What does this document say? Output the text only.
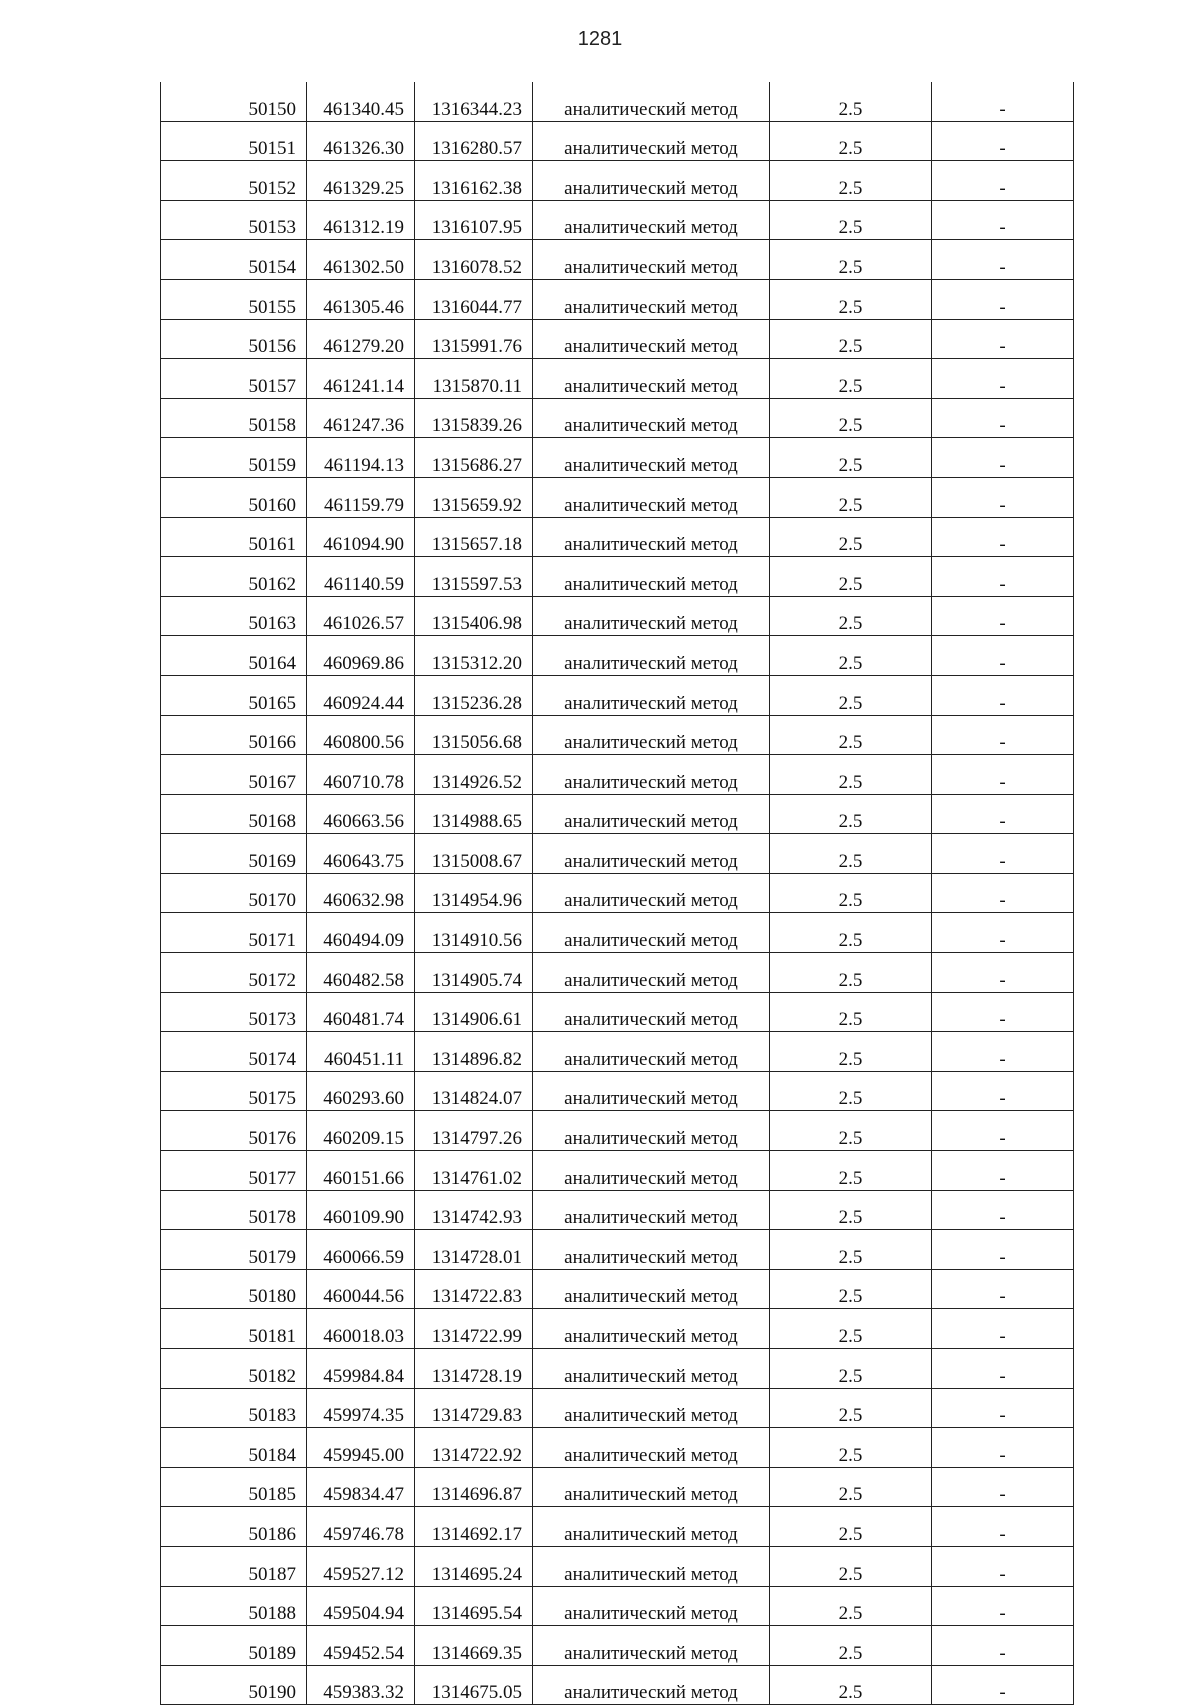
1281
50150	461340.45	1316344.23	аналитический метод	2.5	-
50151	461326.30	1316280.57	аналитический метод	2.5	-
50152	461329.25	1316162.38	аналитический метод	2.5	-
50153	461312.19	1316107.95	аналитический метод	2.5	-
50154	461302.50	1316078.52	аналитический метод	2.5	-
50155	461305.46	1316044.77	аналитический метод	2.5	-
50156	461279.20	1315991.76	аналитический метод	2.5	-
50157	461241.14	1315870.11	аналитический метод	2.5	-
50158	461247.36	1315839.26	аналитический метод	2.5	-
50159	461194.13	1315686.27	аналитический метод	2.5	-
50160	461159.79	1315659.92	аналитический метод	2.5	-
50161	461094.90	1315657.18	аналитический метод	2.5	-
50162	461140.59	1315597.53	аналитический метод	2.5	-
50163	461026.57	1315406.98	аналитический метод	2.5	-
50164	460969.86	1315312.20	аналитический метод	2.5	-
50165	460924.44	1315236.28	аналитический метод	2.5	-
50166	460800.56	1315056.68	аналитический метод	2.5	-
50167	460710.78	1314926.52	аналитический метод	2.5	-
50168	460663.56	1314988.65	аналитический метод	2.5	-
50169	460643.75	1315008.67	аналитический метод	2.5	-
50170	460632.98	1314954.96	аналитический метод	2.5	-
50171	460494.09	1314910.56	аналитический метод	2.5	-
50172	460482.58	1314905.74	аналитический метод	2.5	-
50173	460481.74	1314906.61	аналитический метод	2.5	-
50174	460451.11	1314896.82	аналитический метод	2.5	-
50175	460293.60	1314824.07	аналитический метод	2.5	-
50176	460209.15	1314797.26	аналитический метод	2.5	-
50177	460151.66	1314761.02	аналитический метод	2.5	-
50178	460109.90	1314742.93	аналитический метод	2.5	-
50179	460066.59	1314728.01	аналитический метод	2.5	-
50180	460044.56	1314722.83	аналитический метод	2.5	-
50181	460018.03	1314722.99	аналитический метод	2.5	-
50182	459984.84	1314728.19	аналитический метод	2.5	-
50183	459974.35	1314729.83	аналитический метод	2.5	-
50184	459945.00	1314722.92	аналитический метод	2.5	-
50185	459834.47	1314696.87	аналитический метод	2.5	-
50186	459746.78	1314692.17	аналитический метод	2.5	-
50187	459527.12	1314695.24	аналитический метод	2.5	-
50188	459504.94	1314695.54	аналитический метод	2.5	-
50189	459452.54	1314669.35	аналитический метод	2.5	-
50190	459383.32	1314675.05	аналитический метод	2.5	-
